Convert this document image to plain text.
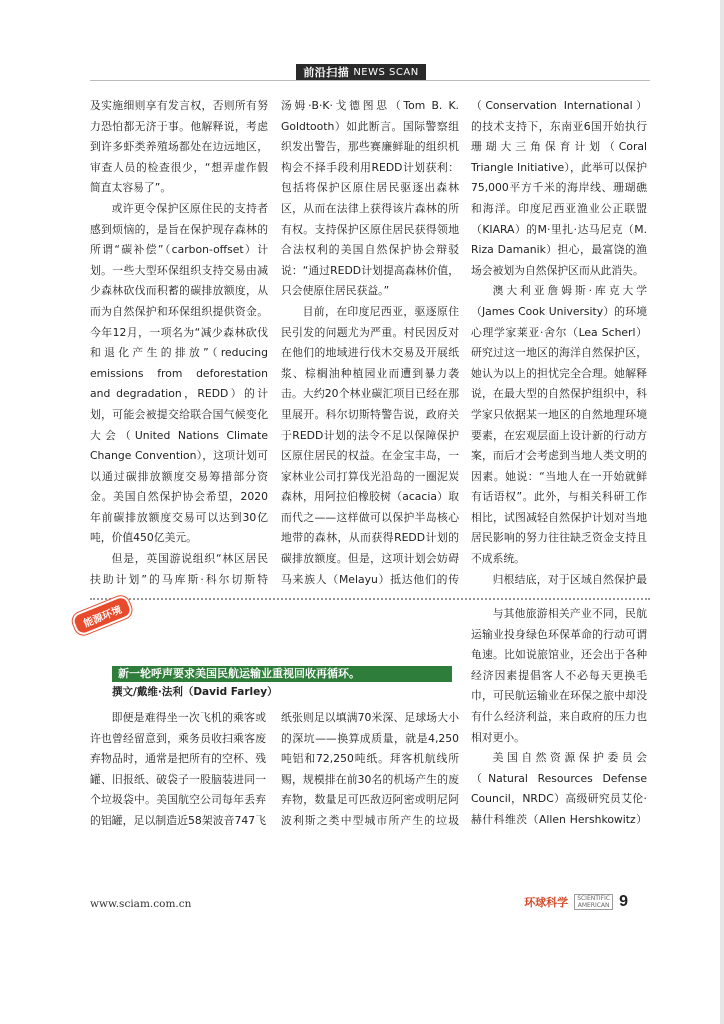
前沿扫描 NEWS SCAN

及实施细则享有发言权，否则所有努力恐怕都无济于事。他解释说，考虑到许多虾类养殖场都处在边远地区，审查人员的检查很少，“想弄虚作假简直太容易了”。

或许更令保护区原住民的支持者感到烦恼的，是旨在保护现存森林的所谓“碳补偿”（carbon-offset）计划。一些大型环保组织支持交易由减少森林砍伐而积蓄的碳排放额度，从而为自然保护和环保组织提供资金。今年12月，一项名为“减少森林砍伐和退化产生的排放”（reducing emissions from deforestation and degradation，REDD）的计划，可能会被提交给联合国气候变化大会（United Nations Climate Change Convention），这项计划可以通过碳排放额度交易筹措部分资金。美国自然保护协会希望，2020年前碳排放额度交易可以达到30亿吨，价值450亿美元。

但是，英国游说组织“林区居民扶助计划”的马库斯·科尔切斯特

汤姆·B·K·戈德图思（Tom B. K. Goldtooth）如此断言。国际警察组织发出警告，那些赛廉鲜耻的组织机构会不择手段利用REDD计划获利：包括将保护区原住居民驱逐出森林区，从而在法律上获得该片森林的所有权。支持保护区原住居民获得领地合法权利的美国自然保护协会辩驳说：“通过REDD计划提高森林价值，只会使原住居民获益。”

目前，在印度尼西亚，驱逐原住民引发的问题尤为严重。村民因反对在他们的地域进行伐木交易及开展纸浆、棕榈油种植园业而遭到暴力袭击。大约20个林业碳汇项目已经在那里展开。科尔切斯特警告说，政府关于REDD计划的法令不足以保障保护区原住居民的权益。在金宝丰岛，一家林业公司打算伐光沿岛的一圈泥炭森林，用阿拉伯橡胶树（acacia）取而代之——这样做可以保护半岛核心地带的森林，从而获得REDD计划的碳排放额度。但是，这项计划会妨碍马来族人（Melayu）抵达他们的传

（Conservation International）的技术支持下，东南亚6国开始执行珊瑚大三角保育计划（Coral Triangle Initiative），此举可以保护75,000平方千米的海岸线、珊瑚礁和海洋。印度尼西亚渔业公正联盟（KIARA）的M·里扎·达马尼克（M. Riza Damanik）担心，最富饶的渔场会被划为自然保护区而从此消失。

澳大利亚詹姆斯·库克大学（James Cook University）的环境心理学家莱亚·舍尔（Lea Scherl）研究过这一地区的海洋自然保护区，她认为以上的担忧完全合理。她解释说，在最大型的自然保护组织中，科学家只依据某一地区的自然地理环境要素，在宏观层面上设计新的行动方案，而后才会考虑到当地人类文明的因素。她说：“当地人在一开始就鲜有话语权”。此外，与相关科研工作相比，试图减轻自然保护计划对当地居民影响的努力往往缺乏资金支持且不成系统。

归根结底，对于区域自然保护最

能源环境
新一轮呼声要求美国民航运输业重视回收再循环。
撰文/戴维·法利（David Farley）

即便是难得坐一次飞机的乘客或许也曾经留意到，乘务员收扫乘客废弃物品时，通常是把所有的空杯、残罐、旧报纸、破袋子一股脑装进同一个垃圾袋中。美国航空公司每年丢弃的铝罐，足以制造近58架波音747飞

纸张则足以填满70米深、足球场大小的深坑——换算成质量，就是4,250吨铝和72,250吨纸。拜客机航线所赐，规模排在前30名的机场产生的废弃物，数量足可匹敌迈阿密或明尼阿波利斯之类中型城市所产生的垃圾

与其他旅游相关产业不同，民航运输业投身绿色环保革命的行动可谓龟速。比如说旅馆业，还会出于各种经济因素提倡客人不必每天更换毛巾，可民航运输业在环保之旅中却没有什么经济利益，来自政府的压力也相对更小。

美国自然资源保护委员会（Natural Resources Defense Council，NRDC）高级研究员艾伦·赫什科维茨（Allen Hershkowitz）

www.sciam.com.cn	环球科学	SCIENTIFIC
AMERICAN 9
